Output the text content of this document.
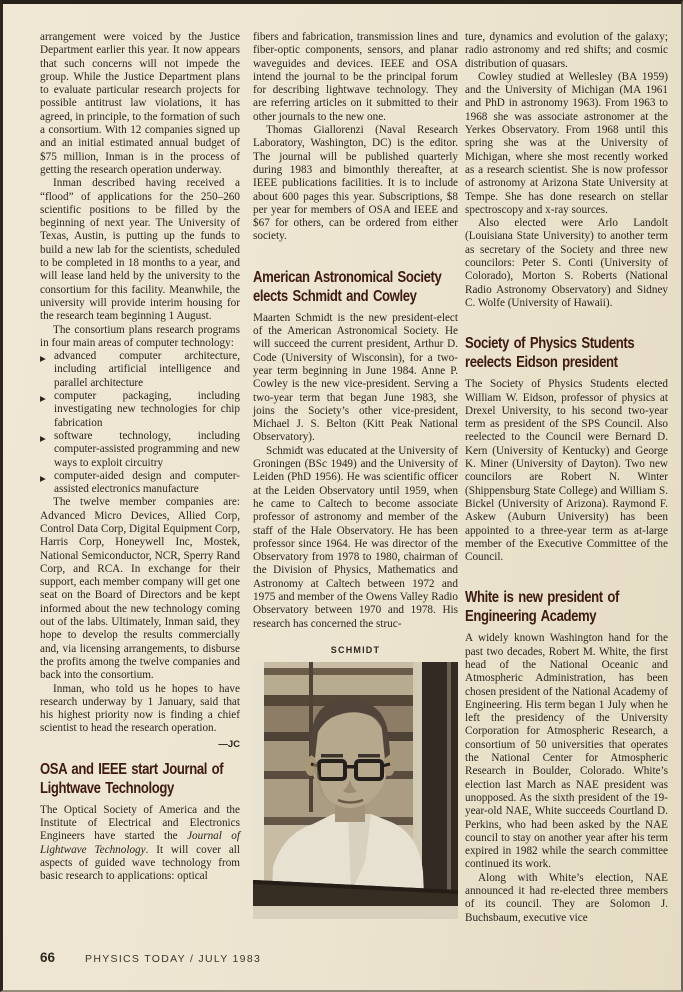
arrangement were voiced by the Justice Department earlier this year. It now appears that such concerns will not impede the group. While the Justice Department plans to evaluate particular research projects for possible antitrust law violations, it has agreed, in principle, to the formation of such a consortium. With 12 companies signed up and an initial estimated annual budget of $75 million, Inman is in the process of getting the research operation underway.

Inman described having received a “flood” of applications for the 250–260 scientific positions to be filled by the beginning of next year. The University of Texas, Austin, is putting up the funds to build a new lab for the scientists, scheduled to be completed in 18 months to a year, and will lease land held by the university to the consortium for this facility. Meanwhile, the university will provide interim housing for the research team beginning 1 August.

The consortium plans research programs in four main areas of computer technology:

▶ advanced computer architecture, including artificial intelligence and parallel architecture
▶ computer packaging, including investigating new technologies for chip fabrication
▶ software technology, including computer-assisted programming and new ways to exploit circuitry
▶ computer-aided design and computer-assisted electronics manufacture

The twelve member companies are: Advanced Micro Devices, Allied Corp, Control Data Corp, Digital Equipment Corp, Harris Corp, Honeywell Inc, Mostek, National Semiconductor, NCR, Sperry Rand Corp, and RCA. In exchange for their support, each member company will get one seat on the Board of Directors and be kept informed about the new technology coming out of the labs. Ultimately, Inman said, they hope to develop the results commercially and, via licensing arrangements, to disburse the profits among the twelve companies and back into the consortium.

Inman, who told us he hopes to have research underway by 1 January, said that his highest priority now is finding a chief scientist to head the research operation.
—JC

OSA and IEEE start Journal of Lightwave Technology

The Optical Society of America and the Institute of Electrical and Electronics Engineers have started the Journal of Lightwave Technology. It will cover all aspects of guided wave technology from basic research to applications: optical

fibers and fabrication, transmission lines and fiber-optic components, sensors, and planar waveguides and devices. IEEE and OSA intend the journal to be the principal forum for describing lightwave technology. They are referring articles on it submitted to their other journals to the new one.

Thomas Giallorenzi (Naval Research Laboratory, Washington, DC) is the editor. The journal will be published quarterly during 1983 and bimonthly thereafter, at IEEE publications facilities. It is to include about 600 pages this year. Subscriptions, $8 per year for members of OSA and IEEE and $67 for others, can be ordered from either society.

American Astronomical Society elects Schmidt and Cowley

Maarten Schmidt is the new president-elect of the American Astronomical Society. He will succeed the current president, Arthur D. Code (University of Wisconsin), for a two-year term beginning in June 1984. Anne P. Cowley is the new vice-president. Serving a two-year term that began June 1983, she joins the Society’s other vice-president, Michael J. S. Belton (Kitt Peak National Observatory).

Schmidt was educated at the University of Groningen (BSc 1949) and the University of Leiden (PhD 1956). He was scientific officer at the Leiden Observatory until 1959, when he came to Caltech to become associate professor of astronomy and member of the staff of the Hale Observatory. He has been professor since 1964. He was director of the Observatory from 1978 to 1980, chairman of the Division of Physics, Mathematics and Astronomy at Caltech between 1972 and 1975 and member of the Owens Valley Radio Observatory between 1970 and 1978. His research has concerned the struc-

SCHMIDT

ture, dynamics and evolution of the galaxy; radio astronomy and red shifts; and cosmic distribution of quasars.

Cowley studied at Wellesley (BA 1959) and the University of Michigan (MA 1961 and PhD in astronomy 1963). From 1963 to 1968 she was associate astronomer at the Yerkes Observatory. From 1968 until this spring she was at the University of Michigan, where she most recently worked as a research scientist. She is now professor of astronomy at Arizona State University at Tempe. She has done research on stellar spectroscopy and x-ray sources.

Also elected were Arlo Landolt (Louisiana State University) to another term as secretary of the Society and three new councilors: Peter S. Conti (University of Colorado), Morton S. Roberts (National Radio Astronomy Observatory) and Sidney C. Wolfe (University of Hawaii).

Society of Physics Students reelects Eidson president

The Society of Physics Students elected William W. Eidson, professor of physics at Drexel University, to his second two-year term as president of the SPS Council. Also reelected to the Council were Bernard D. Kern (University of Kentucky) and George K. Miner (University of Dayton). Two new councilors are Robert N. Winter (Shippensburg State College) and William S. Bickel (University of Arizona). Raymond F. Askew (Auburn University) has been appointed to a three-year term as at-large member of the Executive Committee of the Council.

White is new president of Engineering Academy

A widely known Washington hand for the past two decades, Robert M. White, the first head of the National Oceanic and Atmospheric Administration, has been chosen president of the National Academy of Engineering. His term began 1 July when he left the presidency of the University Corporation for Atmospheric Research, a consortium of 50 universities that operates the National Center for Atmospheric Research in Boulder, Colorado. White’s election last March as NAE president was unopposed. As the sixth president of the 19-year-old NAE, White succeeds Courtland D. Perkins, who had been asked by the NAE council to stay on another year after his term expired in 1982 while the search committee continued its work.

Along with White’s election, NAE announced it had re-elected three members of its council. They are Solomon J. Buchsbaum, executive vice

66	PHYSICS TODAY / JULY 1983
